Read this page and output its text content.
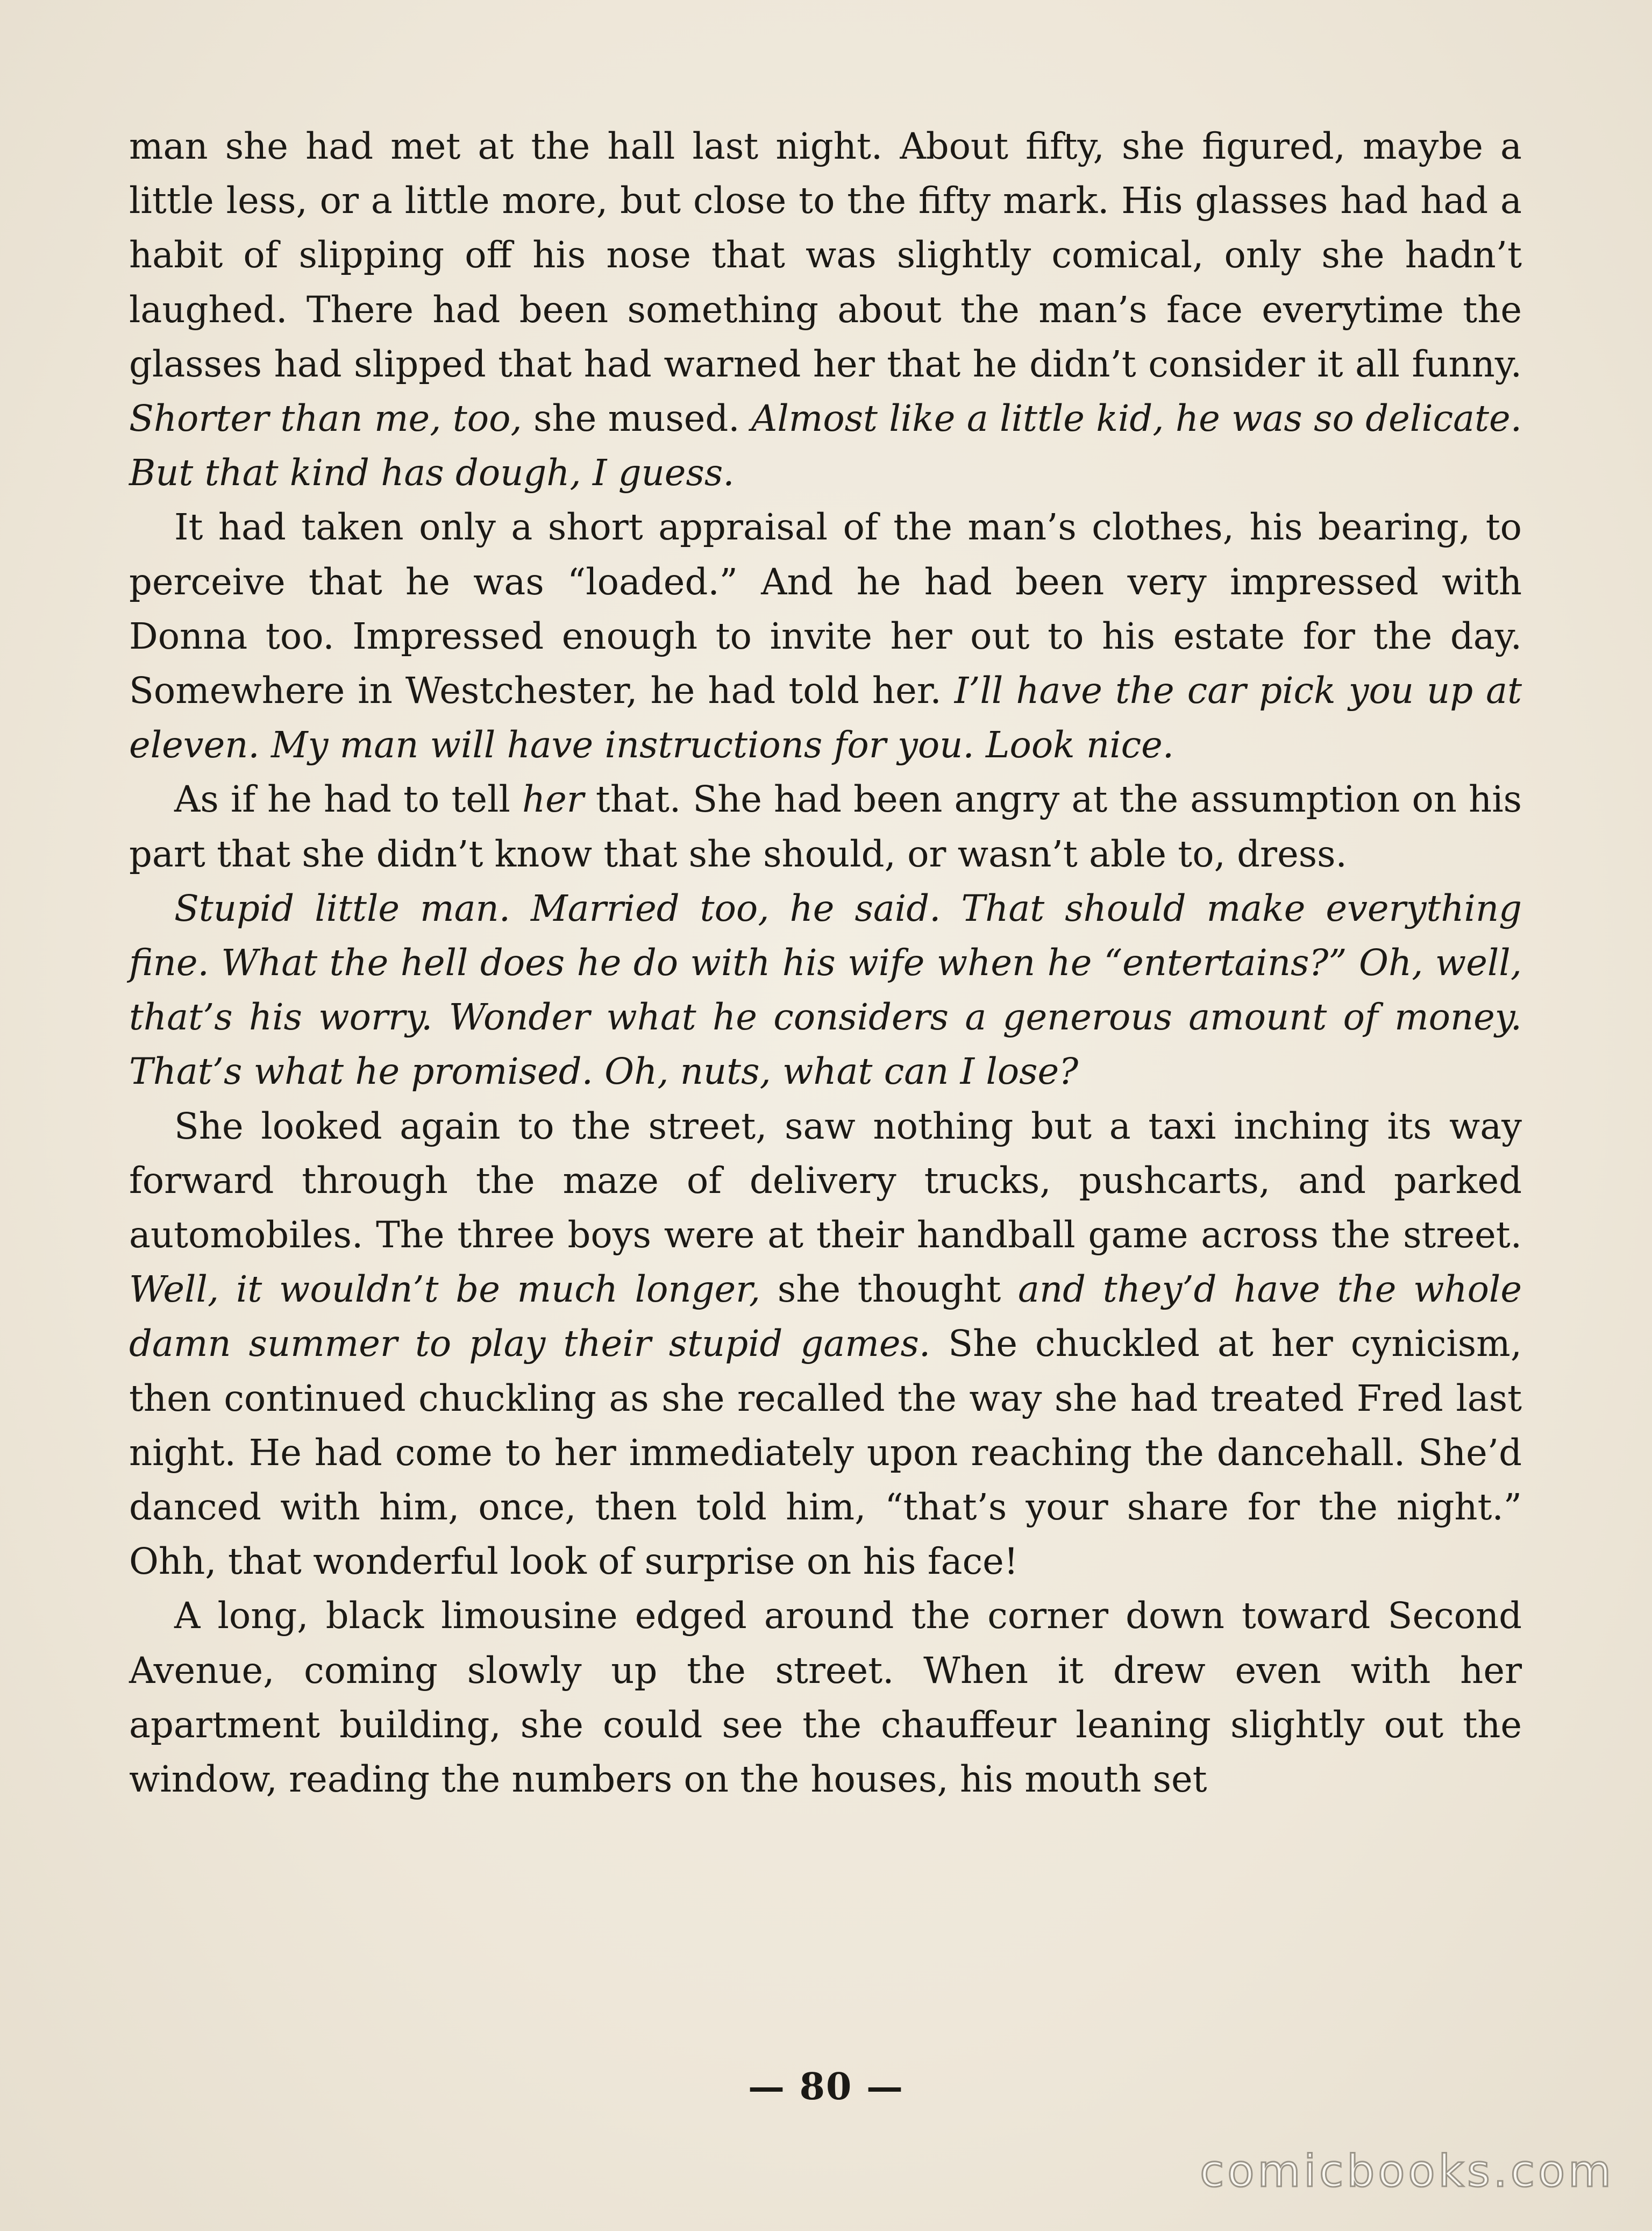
man she had met at the hall last night. About fifty, she figured, maybe a little less, or a little more, but close to the fifty mark. His glasses had had a habit of slipping off his nose that was slightly comical, only she hadn’t laughed. There had been something about the man’s face everytime the glasses had slipped that had warned her that he didn’t consider it all funny. Shorter than me, too, she mused. Almost like a little kid, he was so delicate. But that kind has dough, I guess.

It had taken only a short appraisal of the man’s clothes, his bearing, to perceive that he was “loaded.” And he had been very impressed with Donna too. Impressed enough to invite her out to his estate for the day. Somewhere in Westchester, he had told her. I’ll have the car pick you up at eleven. My man will have instructions for you. Look nice.

As if he had to tell her that. She had been angry at the assumption on his part that she didn’t know that she should, or wasn’t able to, dress.

Stupid little man. Married too, he said. That should make everything fine. What the hell does he do with his wife when he “entertains?” Oh, well, that’s his worry. Wonder what he considers a generous amount of money. That’s what he promised. Oh, nuts, what can I lose?

She looked again to the street, saw nothing but a taxi inching its way forward through the maze of delivery trucks, pushcarts, and parked automobiles. The three boys were at their handball game across the street. Well, it wouldn’t be much longer, she thought and they’d have the whole damn summer to play their stupid games. She chuckled at her cynicism, then continued chuckling as she recalled the way she had treated Fred last night. He had come to her immediately upon reaching the dancehall. She’d danced with him, once, then told him, “that’s your share for the night.” Ohh, that wonderful look of surprise on his face!

A long, black limousine edged around the corner down toward Second Avenue, coming slowly up the street. When it drew even with her apartment building, she could see the chauffeur leaning slightly out the window, reading the numbers on the houses, his mouth set

— 80 —
comicbooks.com
